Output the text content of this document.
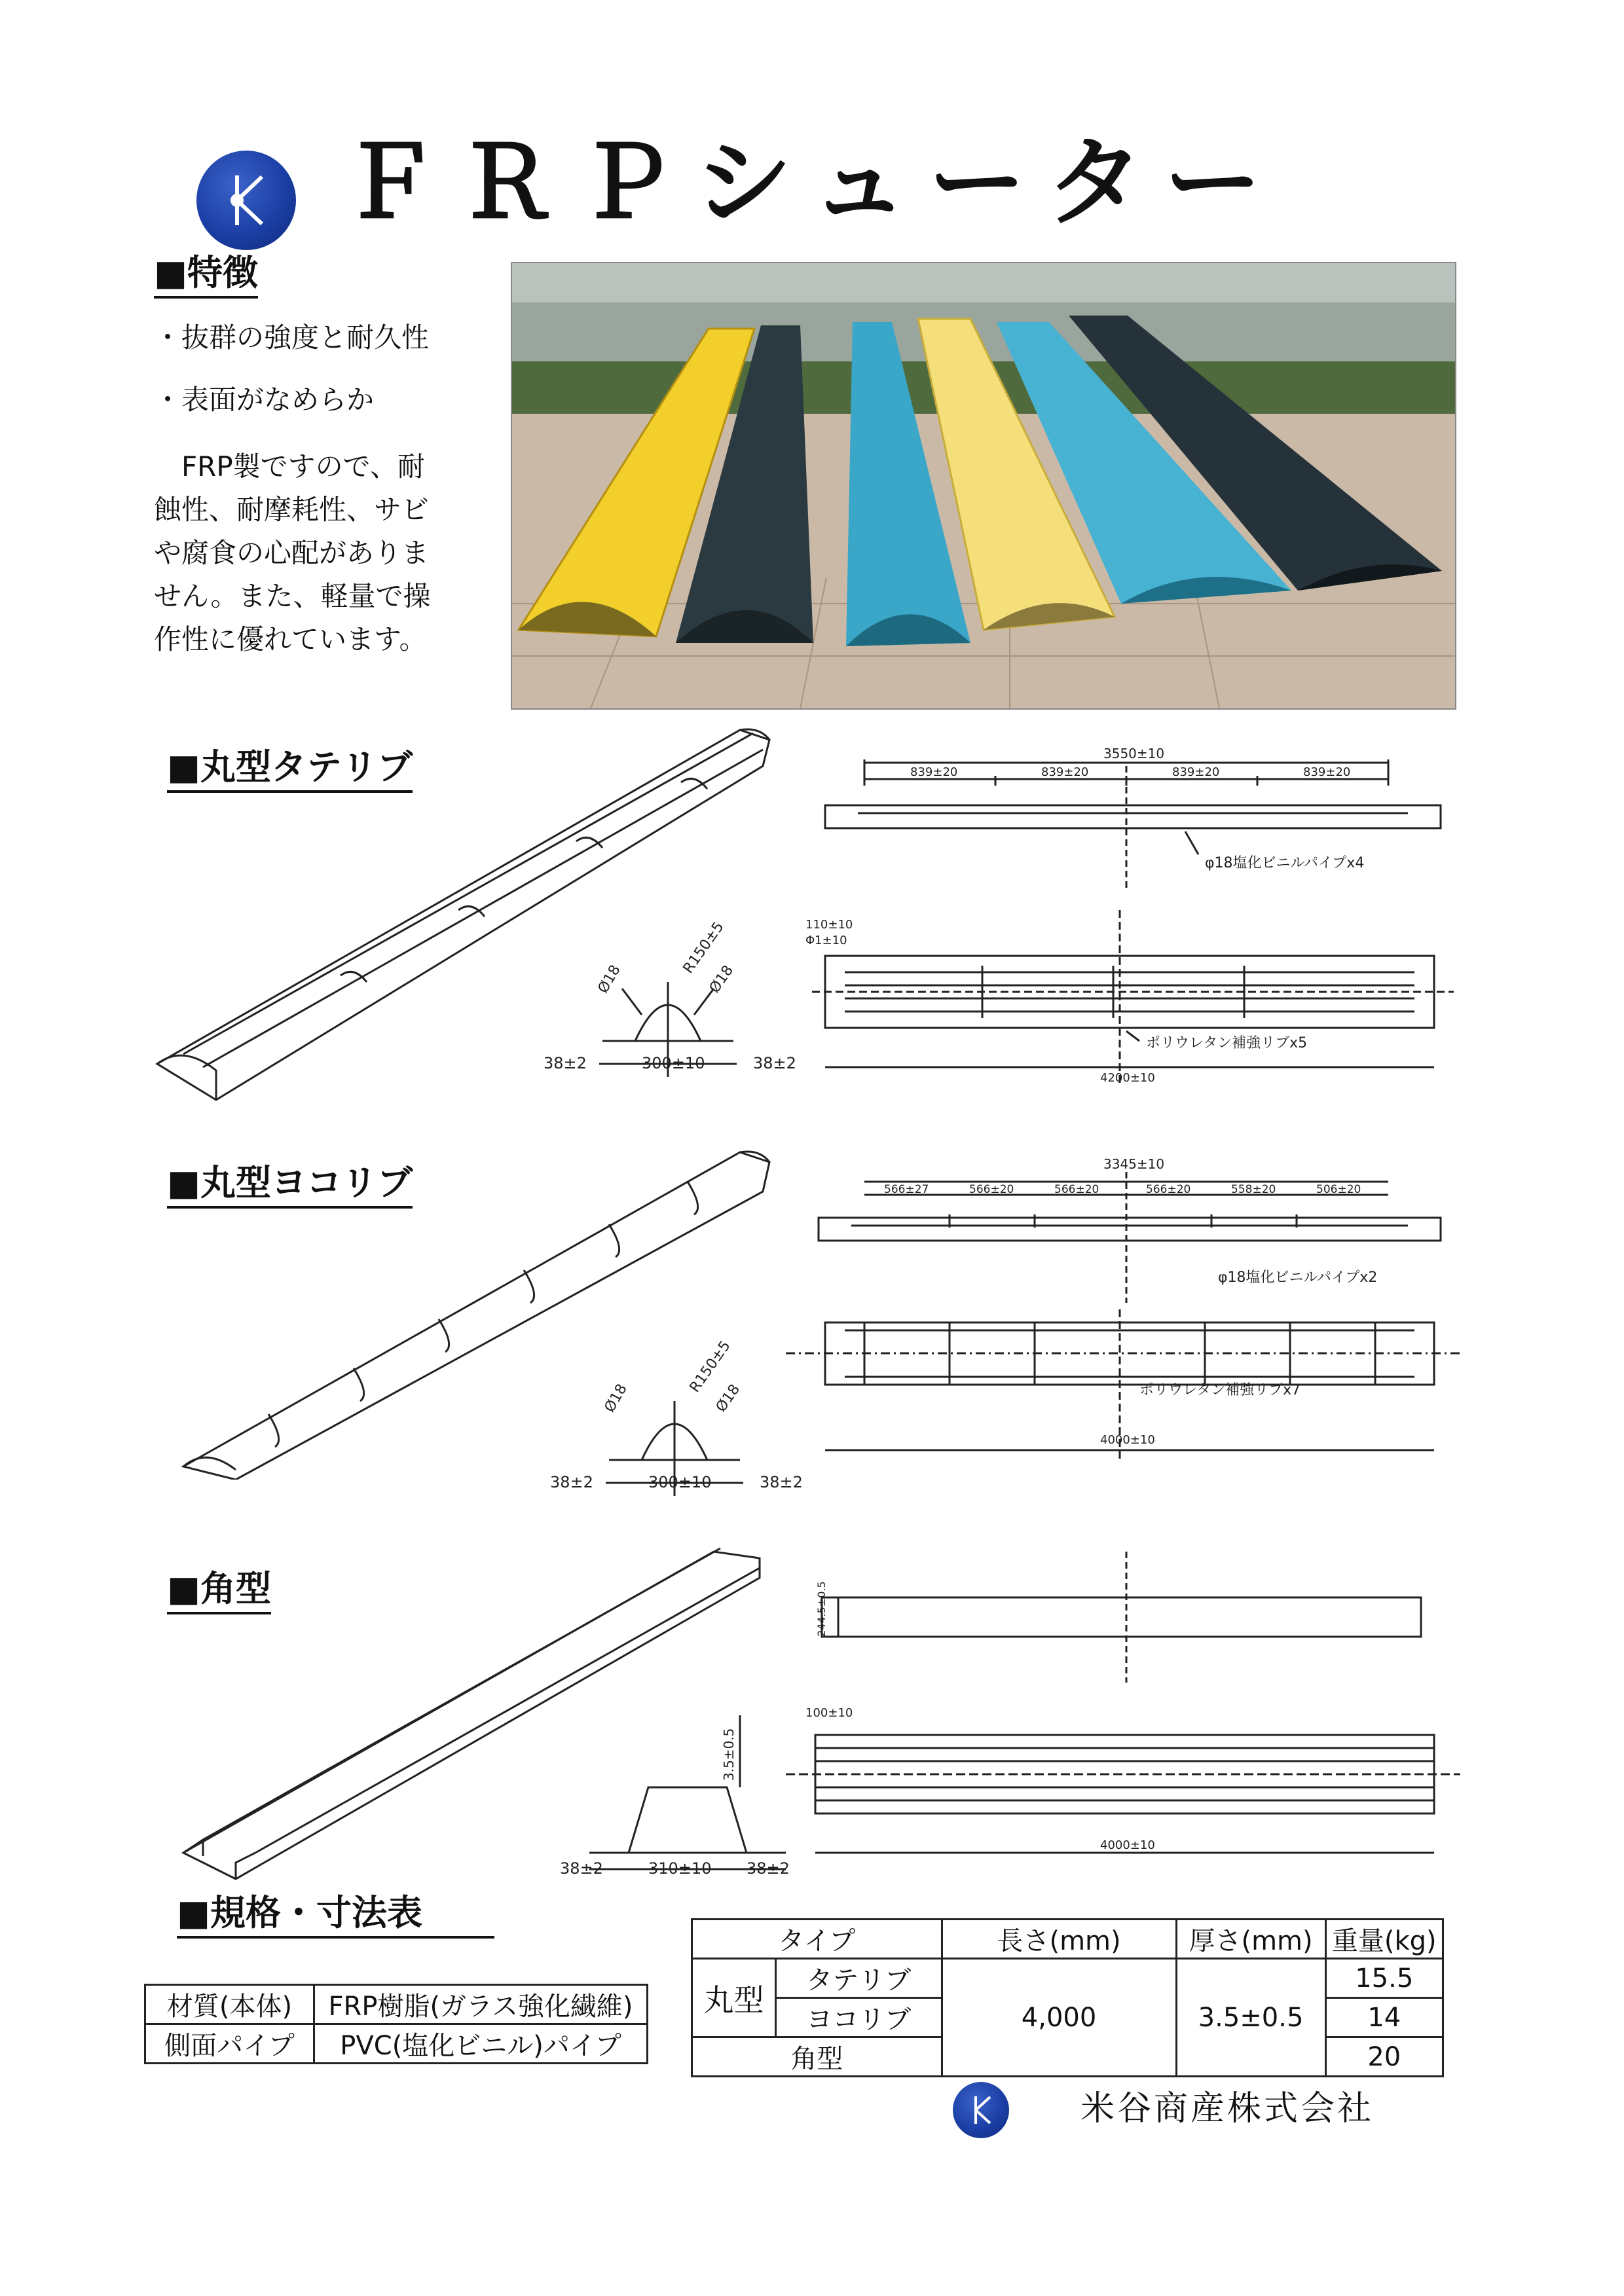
ＦＲＰシューター
■特徴
・抜群の強度と耐久性
・表面がなめらか
　FRP製ですので、耐
蝕性、耐摩耗性、サビ
や腐食の心配がありま
せん。また、軽量で操
作性に優れています。
■丸型タテリブ
Ø18
R150±5
Ø18
38±2	300±10	38±2
3550±10
839±20	839±20	839±20	839±20
φ18塩化ビニルパイプx4
110±10
Φ1±10
ポリウレタン補強リブx5
4200±10
■丸型ヨコリブ
Ø18
R150±5
Ø18
38±2	300±10	38±2
3345±10
566±27	566±20	566±20	566±20	558±20	506±20
φ18塩化ビニルパイプx2
ポリウレタン補強リブx7
4000±10
■角型
3.5±0.5
38±2	310±10 38±2
244.5±0.5
100±10
4000±10
■規格・寸法表
材質(本体)	FRP樹脂(ガラス強化繊維)
側面パイプ	PVC(塩化ビニル)パイプ
タイプ		長さ(mm)	厚さ(mm)	重量(kg)
丸型	タテリブ	4,000	3.5±0.5	15.5
	ヨコリブ			14
角型				20
米谷商産株式会社
